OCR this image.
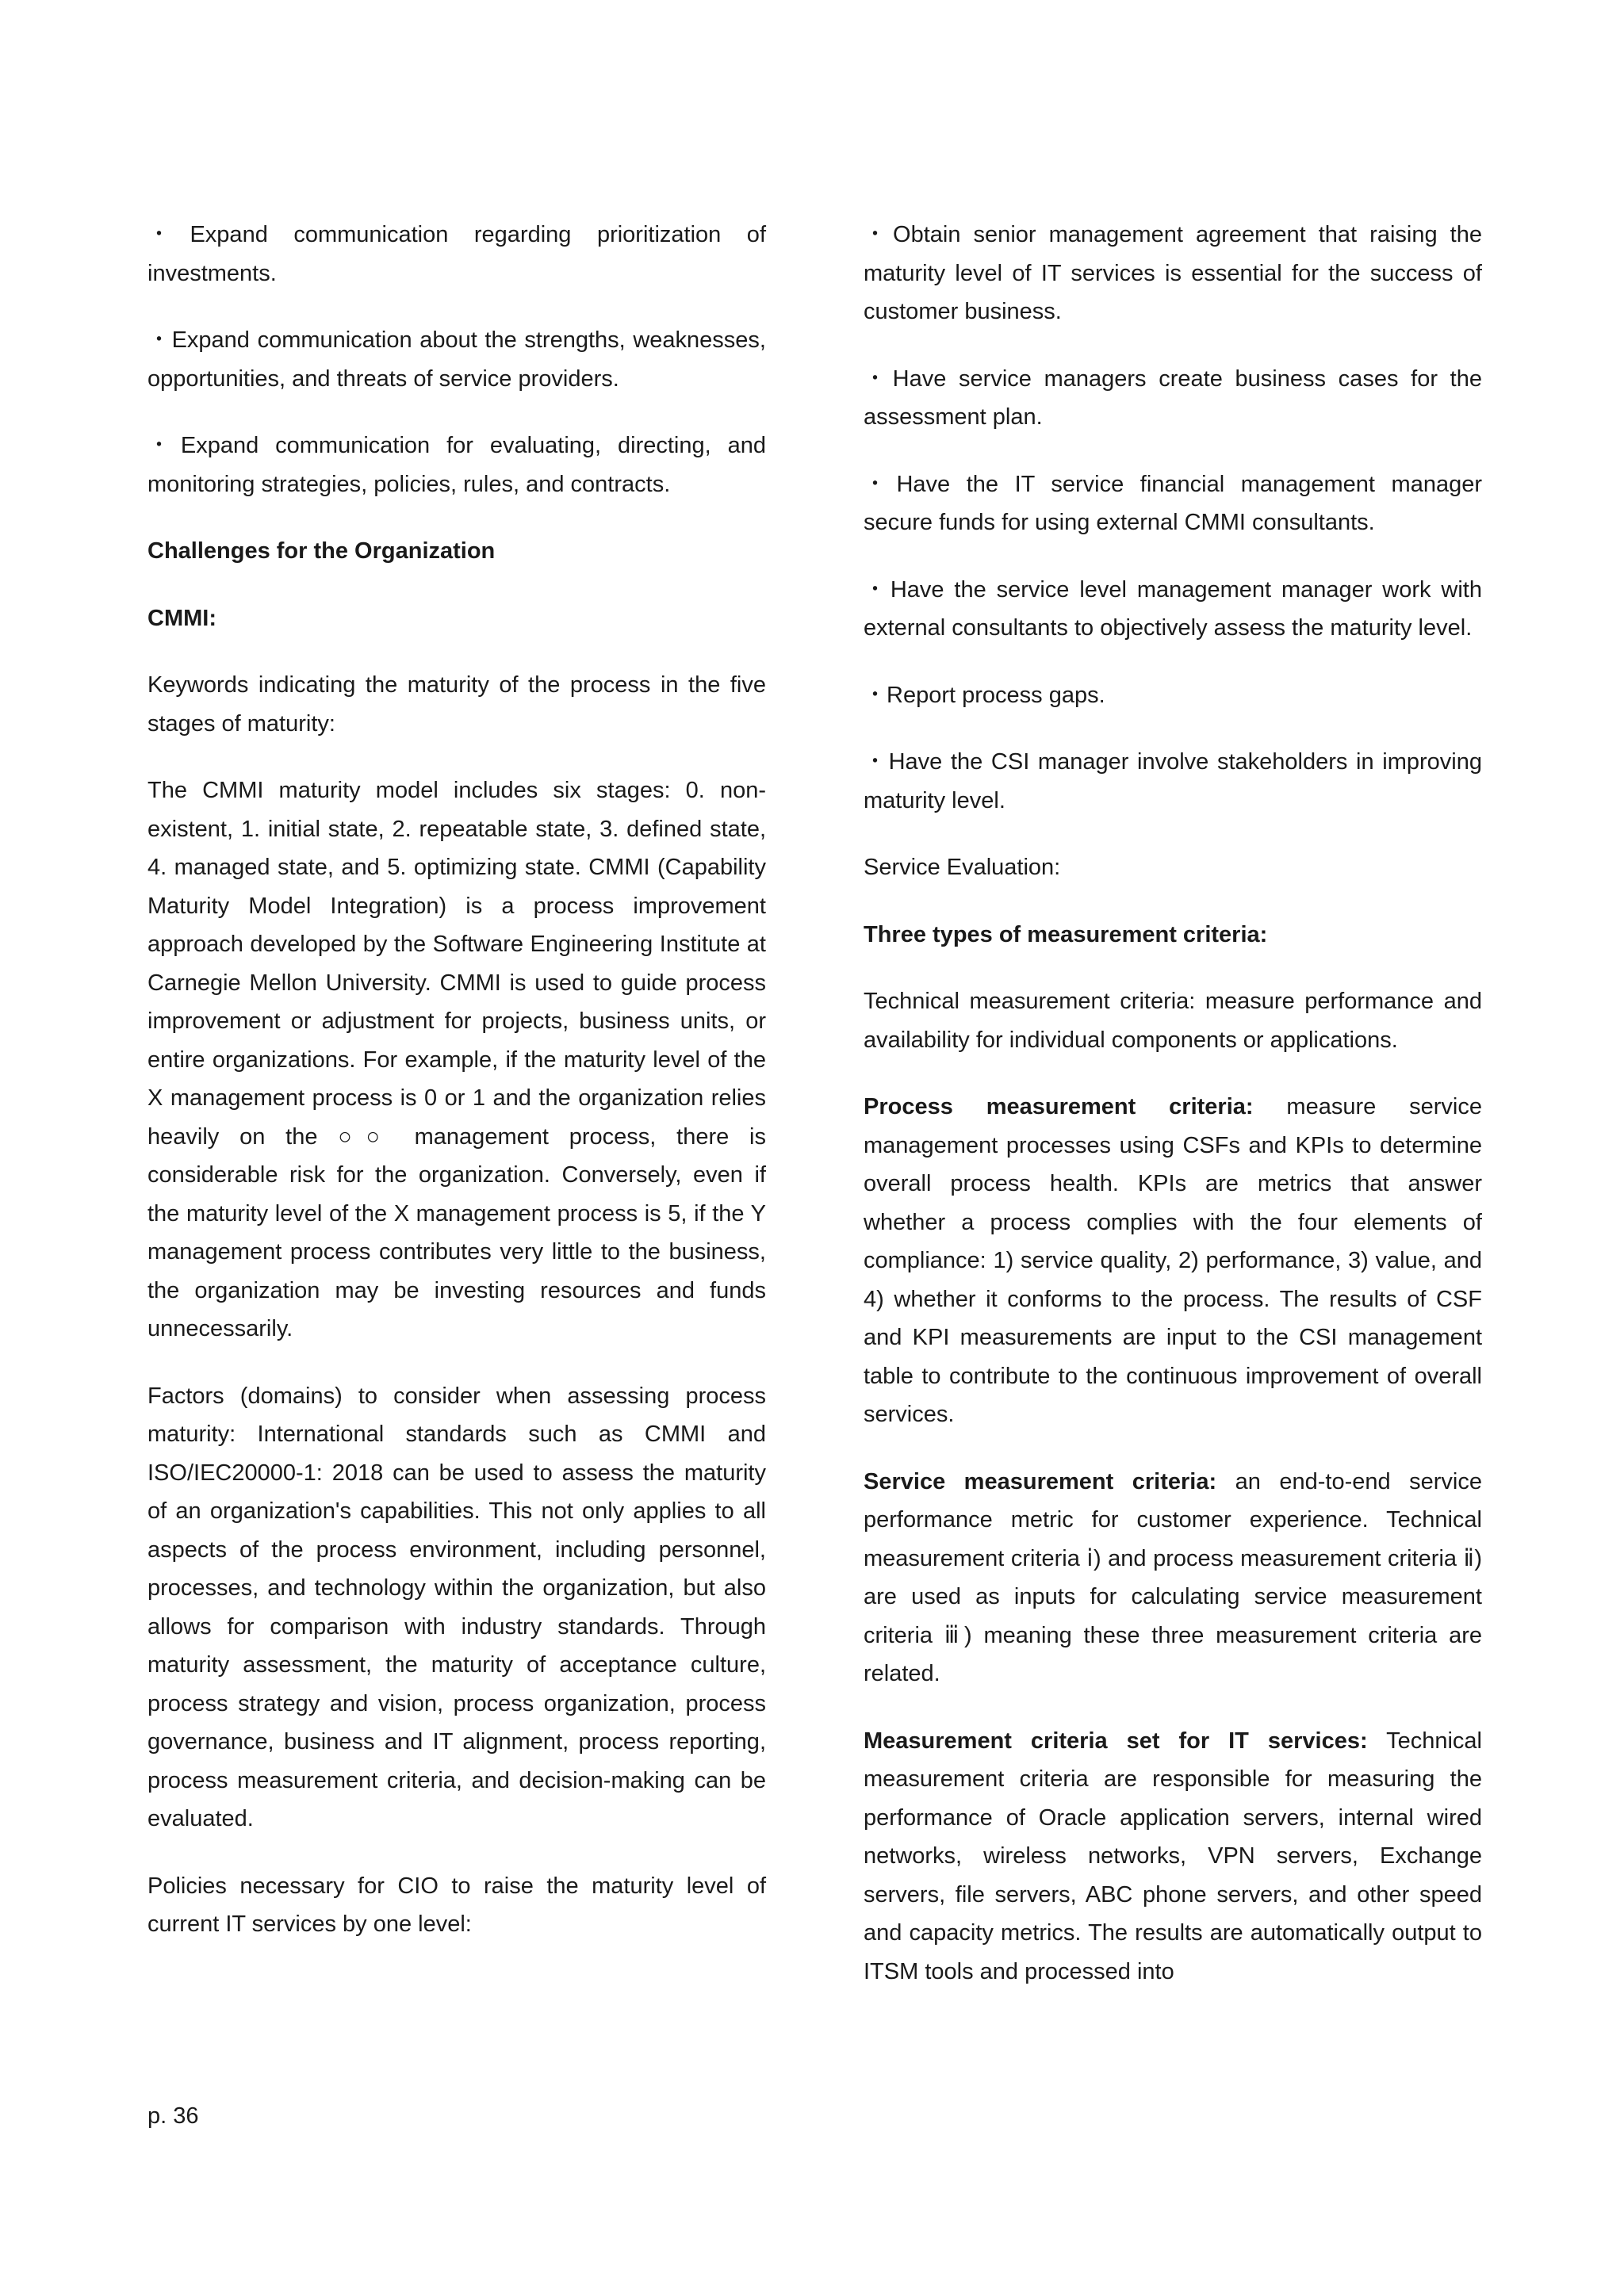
・Expand communication regarding prioritization of investments.

・Expand communication about the strengths, weaknesses, opportunities, and threats of service providers.

・Expand communication for evaluating, directing, and monitoring strategies, policies, rules, and contracts.

Challenges for the Organization

CMMI:

Keywords indicating the maturity of the process in the five stages of maturity:

The CMMI maturity model includes six stages: 0. non-existent, 1. initial state, 2. repeatable state, 3. defined state, 4. managed state, and 5. optimizing state. CMMI (Capability Maturity Model Integration) is a process improvement approach developed by the Software Engineering Institute at Carnegie Mellon University. CMMI is used to guide process improvement or adjustment for projects, business units, or entire organizations. For example, if the maturity level of the X management process is 0 or 1 and the organization relies heavily on the ○○ management process, there is considerable risk for the organization. Conversely, even if the maturity level of the X management process is 5, if the Y management process contributes very little to the business, the organization may be investing resources and funds unnecessarily.

Factors (domains) to consider when assessing process maturity: International standards such as CMMI and ISO/IEC20000-1: 2018 can be used to assess the maturity of an organization's capabilities. This not only applies to all aspects of the process environment, including personnel, processes, and technology within the organization, but also allows for comparison with industry standards. Through maturity assessment, the maturity of acceptance culture, process strategy and vision, process organization, process governance, business and IT alignment, process reporting, process measurement criteria, and decision-making can be evaluated.

Policies necessary for CIO to raise the maturity level of current IT services by one level:

・Obtain senior management agreement that raising the maturity level of IT services is essential for the success of customer business.

・Have service managers create business cases for the assessment plan.

・Have the IT service financial management manager secure funds for using external CMMI consultants.

・Have the service level management manager work with external consultants to objectively assess the maturity level.

・Report process gaps.

・Have the CSI manager involve stakeholders in improving maturity level.

Service Evaluation:

Three types of measurement criteria:

Technical measurement criteria: measure performance and availability for individual components or applications.

Process measurement criteria: measure service management processes using CSFs and KPIs to determine overall process health. KPIs are metrics that answer whether a process complies with the four elements of compliance: 1) service quality, 2) performance, 3) value, and 4) whether it conforms to the process. The results of CSF and KPI measurements are input to the CSI management table to contribute to the continuous improvement of overall services.

Service measurement criteria: an end-to-end service performance metric for customer experience. Technical measurement criteria ⅰ) and process measurement criteria ⅱ) are used as inputs for calculating service measurement criteria ⅲ) meaning these three measurement criteria are related.

Measurement criteria set for IT services: Technical measurement criteria are responsible for measuring the performance of Oracle application servers, internal wired networks, wireless networks, VPN servers, Exchange servers, file servers, ABC phone servers, and other speed and capacity metrics. The results are automatically output to ITSM tools and processed into

p. 36
